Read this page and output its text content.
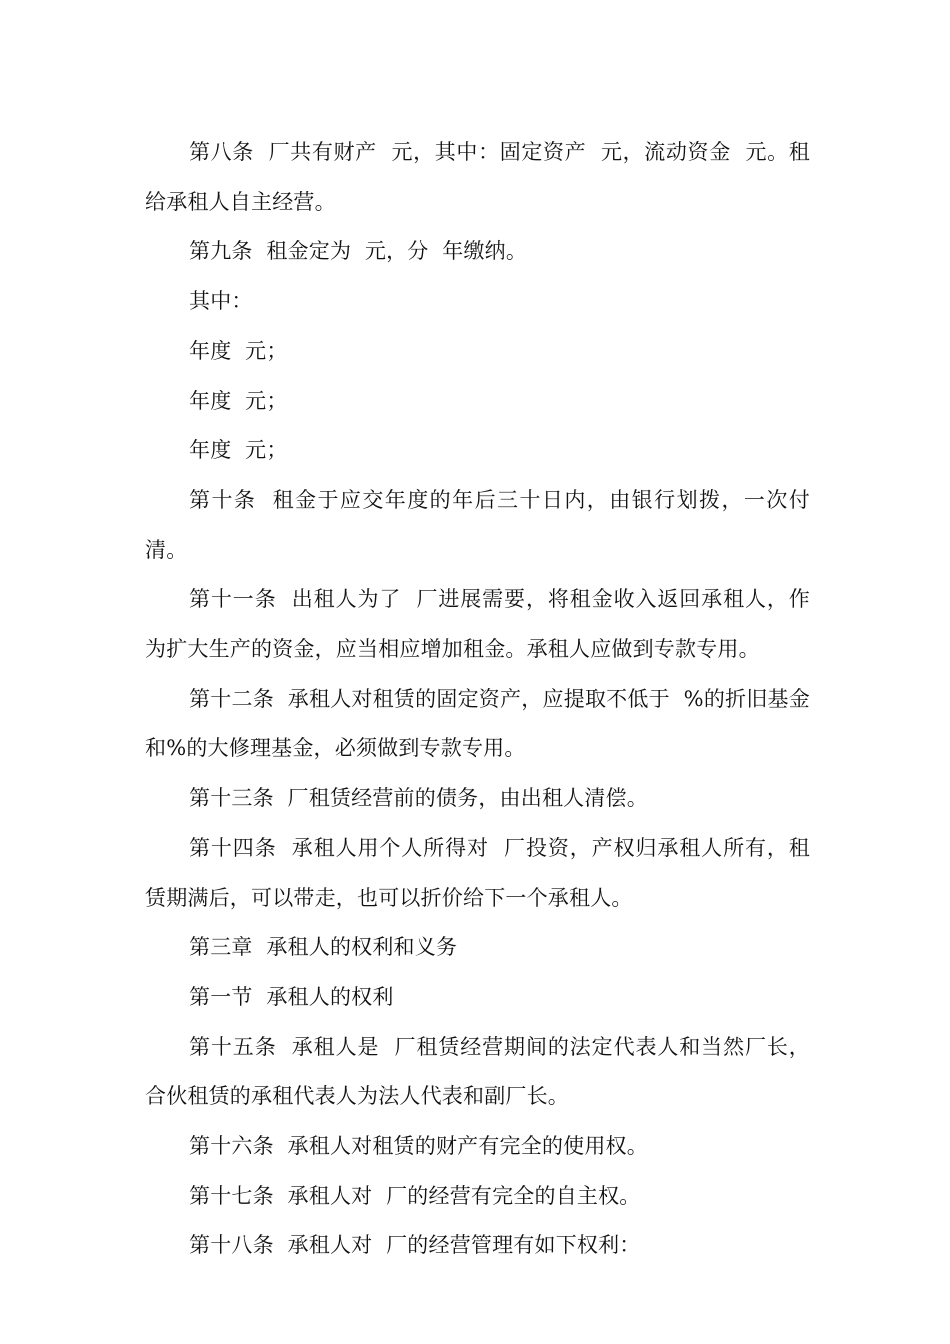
第八条  厂共有财产  元，其中：固定资产  元，流动资金  元。租给承租人自主经营。

第九条  租金定为  元，分  年缴纳。

其中：

年度  元；

年度  元；

年度  元；

第十条  租金于应交年度的年后三十日内，由银行划拨，一次付清。

第十一条  出租人为了  厂进展需要，将租金收入返回承租人，作为扩大生产的资金，应当相应增加租金。承租人应做到专款专用。

第十二条  承租人对租赁的固定资产，应提取不低于  %的折旧基金和%的大修理基金，必须做到专款专用。

第十三条  厂租赁经营前的债务，由出租人清偿。

第十四条  承租人用个人所得对  厂投资，产权归承租人所有，租赁期满后，可以带走，也可以折价给下一个承租人。

第三章  承租人的权利和义务

第一节  承租人的权利

第十五条  承租人是  厂租赁经营期间的法定代表人和当然厂长，合伙租赁的承租代表人为法人代表和副厂长。

第十六条  承租人对租赁的财产有完全的使用权。

第十七条  承租人对  厂的经营有完全的自主权。

第十八条  承租人对  厂的经营管理有如下权利：
